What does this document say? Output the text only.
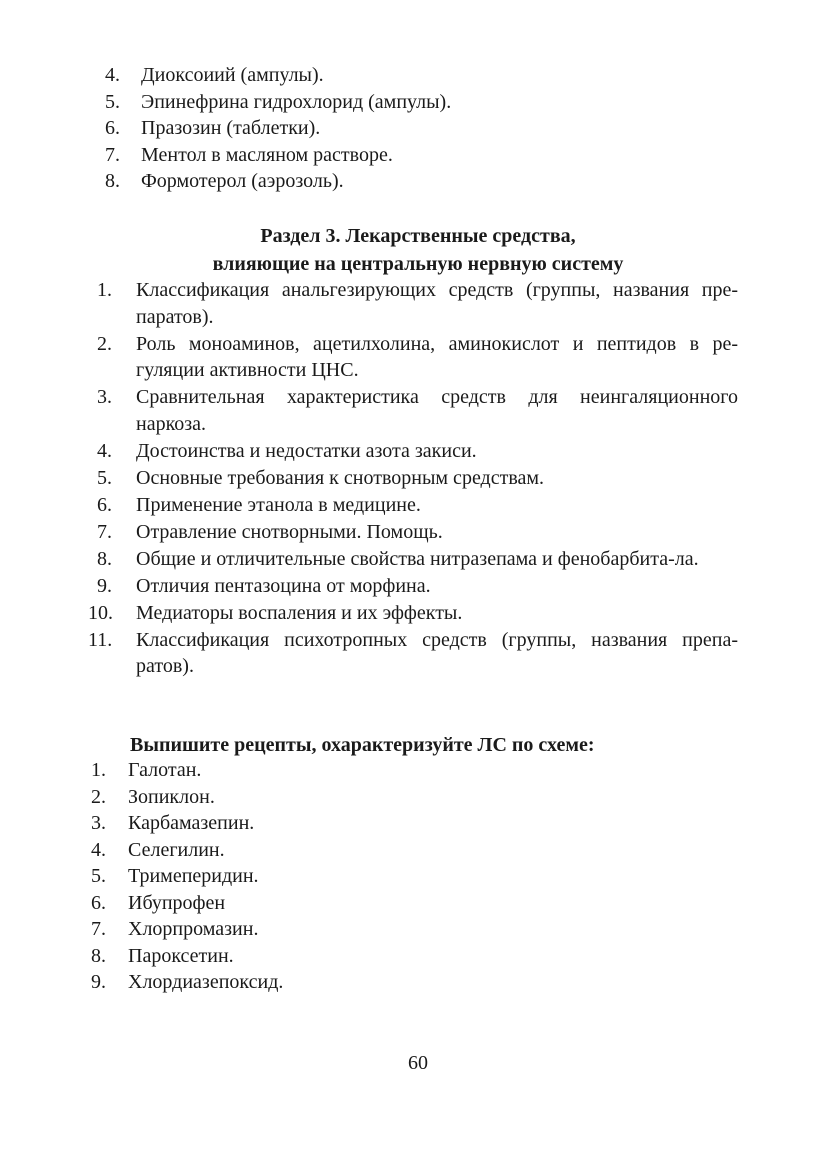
4.	Диоксоиий (ампулы).
5.	Эпинефрина гидрохлорид (ампулы).
6.	Празозин (таблетки).
7.	Ментол в масляном растворе.
8.	Формотерол (аэрозоль).
Раздел 3. Лекарственные средства,
влияющие на центральную нервную систему
1.	Классификация анальгезирующих средств (группы, названия пре-паратов).
2.	Роль моноаминов, ацетилхолина, аминокислот и пептидов в ре-гуляции активности ЦНС.
3.	Сравнительная характеристика средств для неингаляционного наркоза.
4.	Достоинства и недостатки азота закиси.
5.	Основные требования к снотворным средствам.
6.	Применение этанола в медицине.
7.	Отравление снотворными. Помощь.
8.	Общие и отличительные свойства нитразепама и фенобарбита-ла.
9.	Отличия пентазоцина от морфина.
10.	Медиаторы воспаления и их эффекты.
11.	Классификация психотропных средств (группы, названия препа-ратов).
Выпишите рецепты, охарактеризуйте ЛС по схеме:
1.	Галотан.
2.	Зопиклон.
3.	Карбамазепин.
4.	Селегилин.
5.	Тримеперидин.
6.	Ибупрофен
7.	Хлорпромазин.
8.	Пароксетин.
9.	Хлордиазепоксид.
60
